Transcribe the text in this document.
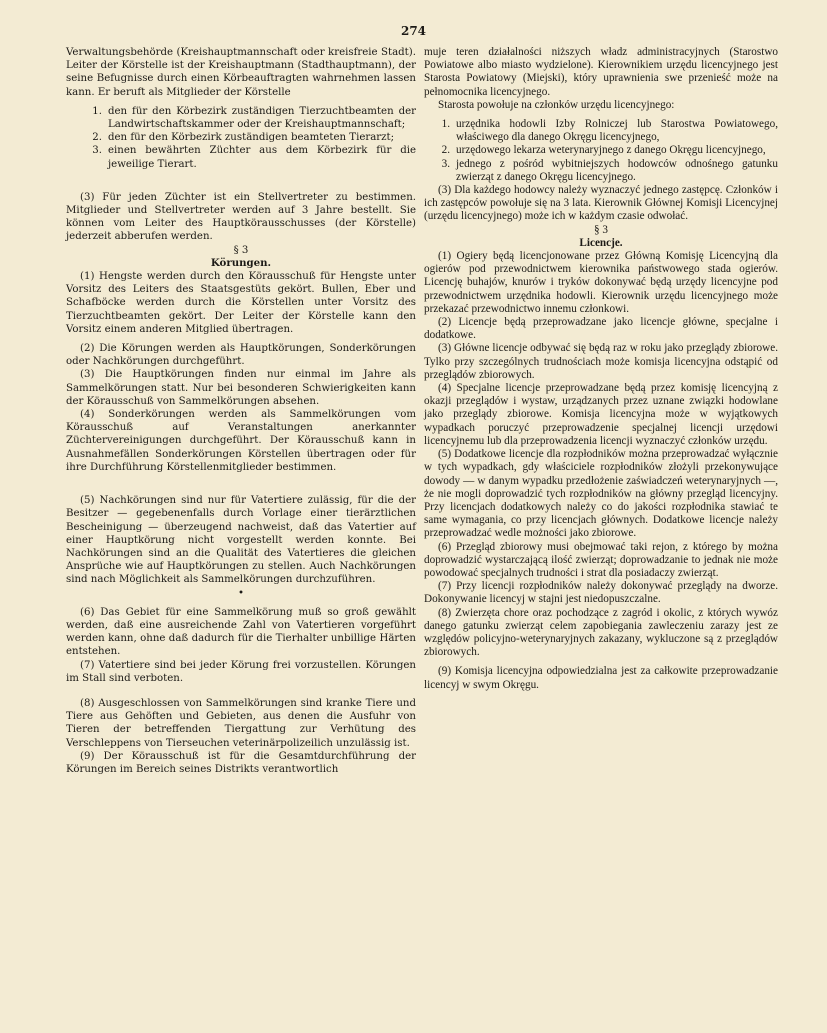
274

Verwaltungsbehörde (Kreishauptmannschaft oder kreisfreie Stadt). Leiter der Körstelle ist der Kreishauptmann (Stadthauptmann), der seine Befugnisse durch einen Körbeauftragten wahrnehmen lassen kann. Er beruft als Mitglieder der Körstelle

1. den für den Körbezirk zuständigen Tierzuchtbeamten der Landwirtschaftskammer oder der Kreishauptmannschaft;
2. den für den Körbezirk zuständigen beamteten Tierarzt;
3. einen bewährten Züchter aus dem Körbezirk für die jeweilige Tierart.

(3) Für jeden Züchter ist ein Stellvertreter zu bestimmen. Mitglieder und Stellvertreter werden auf 3 Jahre bestellt. Sie können vom Leiter des Hauptkörausschusses (der Körstelle) jederzeit abberufen werden.

§ 3

Körungen.

(1) Hengste werden durch den Körausschuß für Hengste unter Vorsitz des Leiters des Staatsgestüts gekört. Bullen, Eber und Schafböcke werden durch die Körstellen unter Vorsitz des Tierzuchtbeamten gekört. Der Leiter der Körstelle kann den Vorsitz einem anderen Mitglied übertragen.

(2) Die Körungen werden als Hauptkörungen, Sonderkörungen oder Nachkörungen durchgeführt.

(3) Die Hauptkörungen finden nur einmal im Jahre als Sammelkörungen statt. Nur bei besonderen Schwierigkeiten kann der Körausschuß von Sammelkörungen absehen.

(4) Sonderkörungen werden als Sammelkörungen vom Körausschuß auf Veranstaltungen anerkannter Züchtervereinigungen durchgeführt. Der Körausschuß kann in Ausnahmefällen Sonderkörungen Körstellen übertragen oder für ihre Durchführung Körstellenmitglieder bestimmen.

(5) Nachkörungen sind nur für Vatertiere zulässig, für die der Besitzer — gegebenenfalls durch Vorlage einer tierärztlichen Bescheinigung — überzeugend nachweist, daß das Vatertier auf einer Hauptkörung nicht vorgestellt werden konnte. Bei Nachkörungen sind an die Qualität des Vatertieres die gleichen Ansprüche wie auf Hauptkörungen zu stellen. Auch Nachkörungen sind nach Möglichkeit als Sammelkörungen durchzuführen.

•

(6) Das Gebiet für eine Sammelkörung muß so groß gewählt werden, daß eine ausreichende Zahl von Vatertieren vorgeführt werden kann, ohne daß dadurch für die Tierhalter unbillige Härten entstehen.

(7) Vatertiere sind bei jeder Körung frei vorzustellen. Körungen im Stall sind verboten.

(8) Ausgeschlossen von Sammelkörungen sind kranke Tiere und Tiere aus Gehöften und Gebieten, aus denen die Ausfuhr von Tieren der betreffenden Tiergattung zur Verhütung des Verschleppens von Tierseuchen veterinärpolizeilich unzulässig ist.

(9) Der Körausschuß ist für die Gesamtdurchführung der Körungen im Bereich seines Distrikts verantwortlich

muje teren działalności niższych władz administracyjnych (Starostwo Powiatowe albo miasto wydzielone). Kierownikiem urzędu licencyjnego jest Starosta Powiatowy (Miejski), który uprawnienia swe przenieść może na pełnomocnika licencyjnego.

Starosta powołuje na członków urzędu licencyjnego:

1. urzędnika hodowli Izby Rolniczej lub Starostwa Powiatowego, właściwego dla danego Okręgu licencyjnego,
2. urzędowego lekarza weterynaryjnego z danego Okręgu licencyjnego,
3. jednego z pośród wybitniejszych hodowców odnośnego gatunku zwierząt z danego Okręgu licencyjnego.

(3) Dla każdego hodowcy należy wyznaczyć jednego zastępcę. Członków i ich zastępców powołuje się na 3 lata. Kierownik Głównej Komisji Licencyjnej (urzędu licencyjnego) może ich w każdym czasie odwołać.

§ 3

Licencje.

(1) Ogiery będą licencjonowane przez Główną Komisję Licencyjną dla ogierów pod przewodnictwem kierownika państwowego stada ogierów. Licencję buhajów, knurów i tryków dokonywać będą urzędy licencyjne pod przewodnictwem urzędnika hodowli. Kierownik urzędu licencyjnego może przekazać przewodnictwo innemu członkowi.

(2) Licencje będą przeprowadzane jako licencje główne, specjalne i dodatkowe.

(3) Główne licencje odbywać się będą raz w roku jako przeglądy zbiorowe. Tylko przy szczególnych trudnościach może komisja licencyjna odstąpić od przeglądów zbiorowych.

(4) Specjalne licencje przeprowadzane będą przez komisję licencyjną z okazji przeglądów i wystaw, urządzanych przez uznane związki hodowlane jako przeglądy zbiorowe. Komisja licencyjna może w wyjątkowych wypadkach poruczyć przeprowadzenie specjalnej licencji urzędowi licencyjnemu lub dla przeprowadzenia licencji wyznaczyć członków urzędu.

(5) Dodatkowe licencje dla rozpłodników można przeprowadzać wyłącznie w tych wypadkach, gdy właściciele rozpłodników złożyli przekonywujące dowody — w danym wypadku przedłożenie zaświadczeń weterynaryjnych —, że nie mogli doprowadzić tych rozpłodników na główny przegląd licencyjny. Przy licencjach dodatkowych należy co do jakości rozpłodnika stawiać te same wymagania, co przy licencjach głównych. Dodatkowe licencje należy przeprowadzać wedle możności jako zbiorowe.

(6) Przegląd zbiorowy musi obejmować taki rejon, z którego by można doprowadzić wystarczającą ilość zwierząt; doprowadzanie to jednak nie może powodować specjalnych trudności i strat dla posiadaczy zwierząt.

(7) Przy licencji rozpłodników należy dokonywać przeglądy na dworze. Dokonywanie licencyj w stajni jest niedopuszczalne.

(8) Zwierzęta chore oraz pochodzące z zagród i okolic, z których wywóz danego gatunku zwierząt celem zapobiegania zawleczeniu zarazy jest ze względów policyjno-weterynaryjnych zakazany, wykluczone są z przeglądów zbiorowych.

(9) Komisja licencyjna odpowiedzialna jest za całkowite przeprowadzanie licencyj w swym Okręgu.
